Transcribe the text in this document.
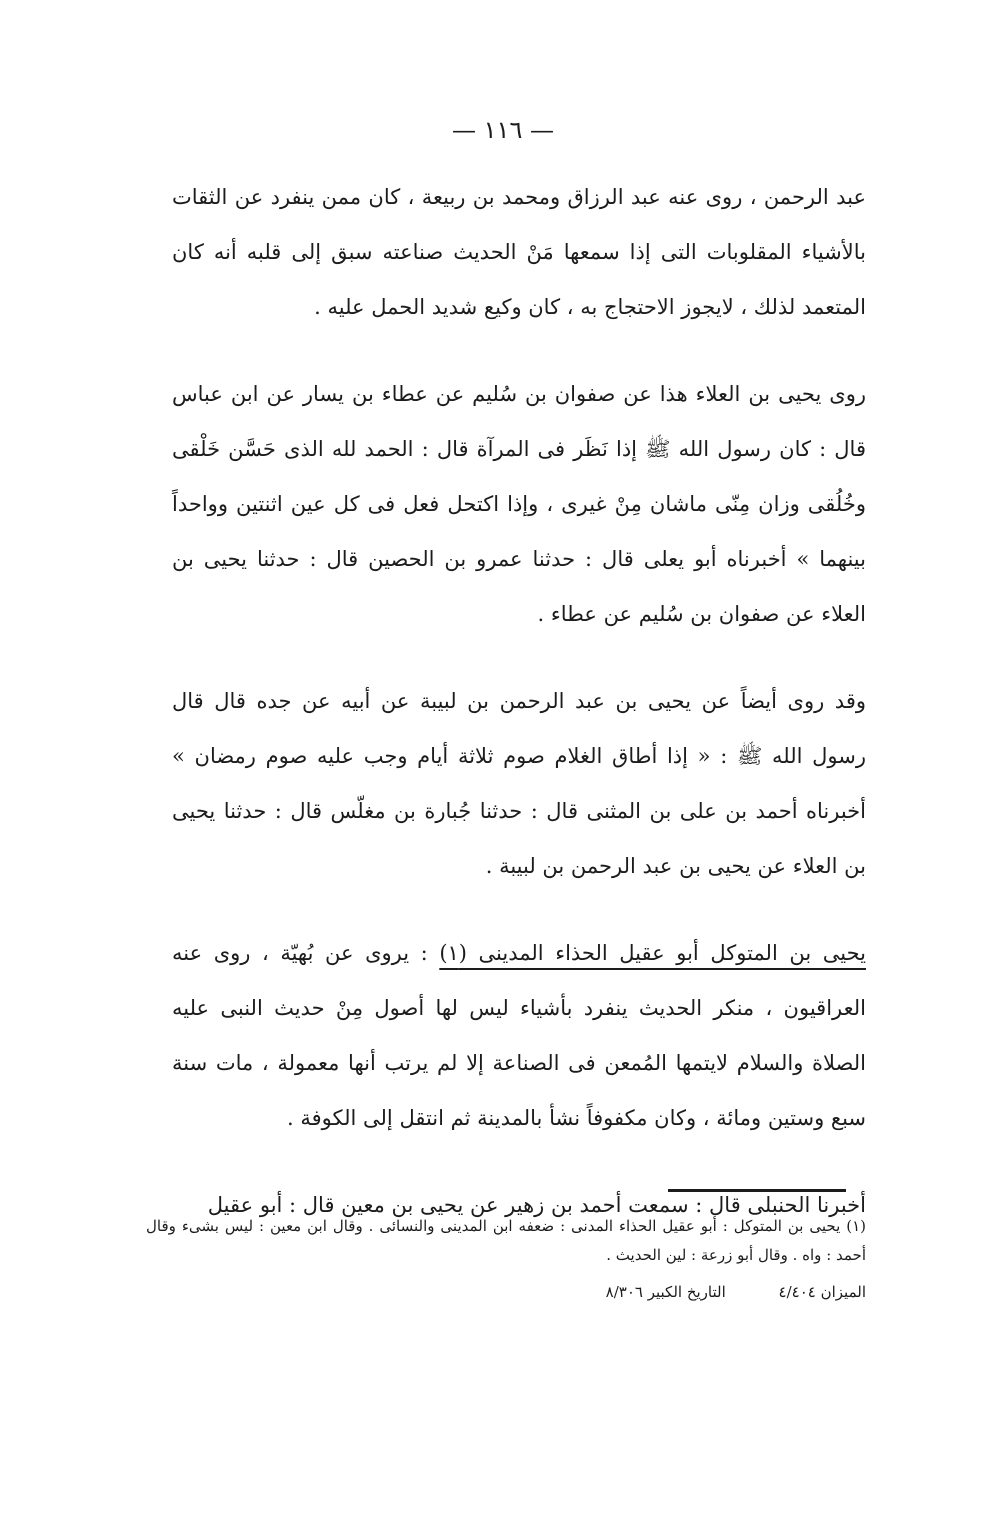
— ١١٦ —

عبد الرحمن ، روى عنه عبد الرزاق ومحمد بن ربيعة ، كان ممن ينفرد عن الثقات بالأشياء المقلوبات التى إذا سمعها مَنْ الحديث صناعته سبق إلى قلبه أنه كان المتعمد لذلك ، لايجوز الاحتجاج به ، كان وكيع شديد الحمل عليه .

روى يحيى بن العلاء هذا عن صفوان بن سُليم عن عطاء بن يسار عن ابن عباس قال : كان رسول الله ﷺ إذا نَظَر فى المرآة قال : الحمد لله الذى حَسَّن خَلْقى وخُلُقى وزان مِنّى ماشان مِنْ غيرى ، وإذا اكتحل فعل فى كل عين اثنتين وواحداً بينهما » أخبرناه أبو يعلى قال : حدثنا عمرو بن الحصين قال : حدثنا يحيى بن العلاء عن صفوان بن سُليم عن عطاء .

وقد روى أيضاً عن يحيى بن عبد الرحمن بن لبيبة عن أبيه عن جده قال قال رسول الله ﷺ : « إذا أطاق الغلام صوم ثلاثة أيام وجب عليه صوم رمضان » أخبرناه أحمد بن على بن المثنى قال : حدثنا جُبارة بن مغلّس قال : حدثنا يحيى بن العلاء عن يحيى بن عبد الرحمن بن لبيبة .

يحيى بن المتوكل أبو عقيل الحذاء المدينى (١) : يروى عن بُهيّة ، روى عنه العراقيون ، منكر الحديث ينفرد بأشياء ليس لها أصول مِنْ حديث النبى عليه الصلاة والسلام لايتمها المُمعن فى الصناعة إلا لم يرتب أنها معمولة ، مات سنة سبع وستين ومائة ، وكان مكفوفاً نشأ بالمدينة ثم انتقل إلى الكوفة .

أخبرنا الحنبلى قال : سمعت أحمد بن زهير عن يحيى بن معين قال : أبو عقيل

(١) يحيى بن المتوكل : أبو عقيل الحذاء المدنى : ضعفه ابن المدينى والنسائى . وقال ابن معين : ليس بشىء وقال أحمد : واه . وقال أبو زرعة : لين الحديث .

الميزان ٤/٤٠٤ التاريخ الكبير ٨/٣٠٦
